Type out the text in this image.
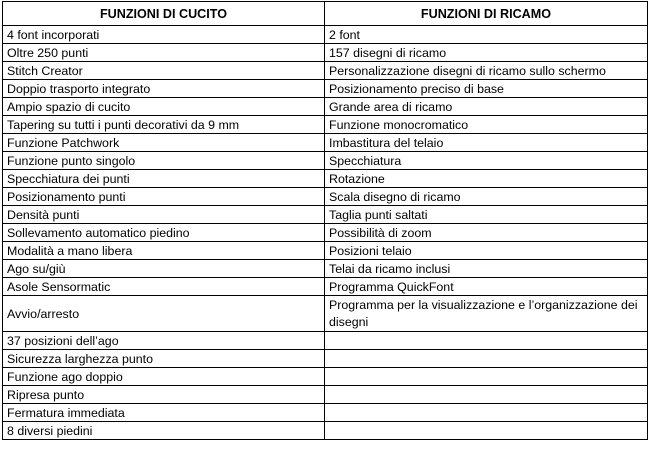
FUNZIONI DI CUCITO	FUNZIONI DI RICAMO
4 font incorporati	2 font
Oltre 250 punti	157 disegni di ricamo
Stitch Creator	Personalizzazione disegni di ricamo sullo schermo
Doppio trasporto integrato	Posizionamento preciso di base
Ampio spazio di cucito	Grande area di ricamo
Tapering su tutti i punti decorativi da 9 mm	Funzione monocromatico
Funzione Patchwork	Imbastitura del telaio
Funzione punto singolo	Specchiatura
Specchiatura dei punti	Rotazione
Posizionamento punti	Scala disegno di ricamo
Densità punti	Taglia punti saltati
Sollevamento automatico piedino	Possibilità di zoom
Modalità a mano libera	Posizioni telaio
Ago su/giù	Telai da ricamo inclusi
Asole Sensormatic	Programma QuickFont
Avvio/arresto	Programma per la visualizzazione e l’organizzazione dei disegni
37 posizioni dell’ago	
Sicurezza larghezza punto	
Funzione ago doppio	
Ripresa punto	
Fermatura immediata	
8 diversi piedini	
